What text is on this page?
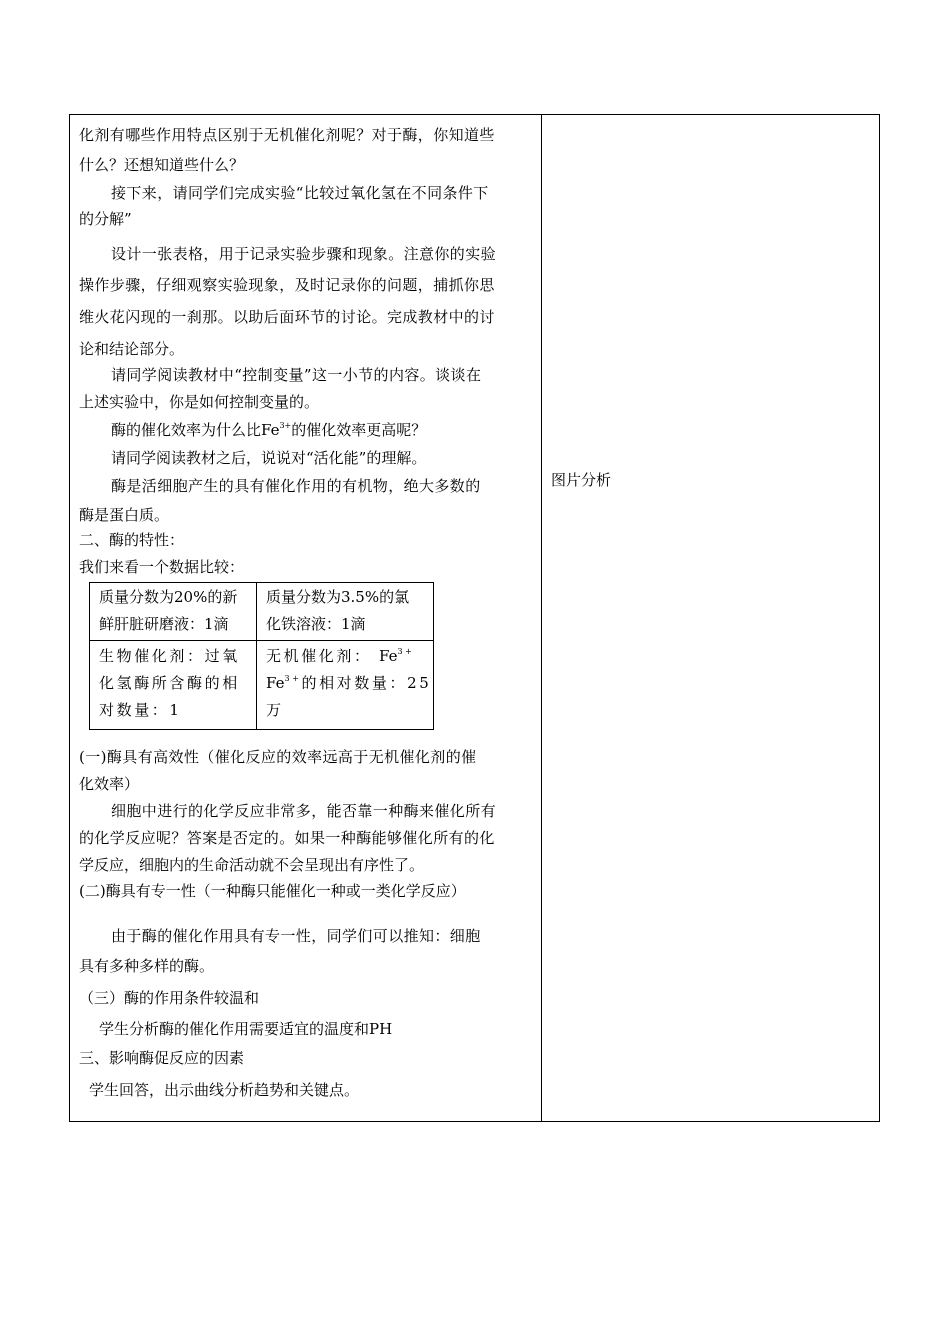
化剂有哪些作用特点区别于无机催化剂呢？对于酶，你知道些
什么？还想知道些什么？
接下来，请同学们完成实验“比较过氧化氢在不同条件下
的分解”
设计一张表格，用于记录实验步骤和现象。注意你的实验
操作步骤，仔细观察实验现象，及时记录你的问题，捕抓你思
维火花闪现的一刹那。以助后面环节的讨论。完成教材中的讨
论和结论部分。
请同学阅读教材中“控制变量”这一小节的内容。谈谈在
上述实验中，你是如何控制变量的。
酶的催化效率为什么比$Fe^{3+}$的催化效率更高呢？
请同学阅读教材之后，说说对“活化能”的理解。
酶是活细胞产生的具有催化作用的有机物，绝大多数的
酶是蛋白质。
二、酶的特性：
我们来看一个数据比较：
质量分数为20%的新
鲜肝脏研磨液：1滴
质量分数为3.5%的氯
化铁溶液：1滴
生物催化剂：过氧
化氢酶所含酶的相
对数量：1
无机催化剂： $Fe^{3+}$
$Fe^{3+}$的相对数量：25
万
(一)酶具有高效性（催化反应的效率远高于无机催化剂的催
化效率）
细胞中进行的化学反应非常多，能否靠一种酶来催化所有
的化学反应呢？答案是否定的。如果一种酶能够催化所有的化
学反应，细胞内的生命活动就不会呈现出有序性了。
(二)酶具有专一性（一种酶只能催化一种或一类化学反应）
由于酶的催化作用具有专一性，同学们可以推知：细胞
具有多种多样的酶。
（三）酶的作用条件较温和
学生分析酶的催化作用需要适宜的温度和PH
三、影响酶促反应的因素
学生回答，出示曲线分析趋势和关键点。
图片分析
